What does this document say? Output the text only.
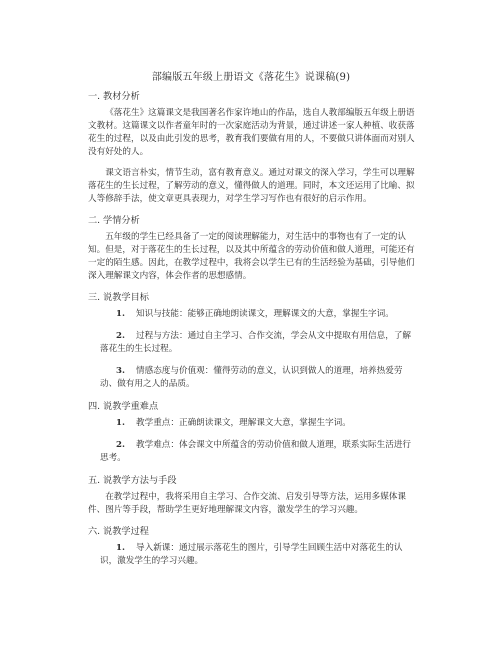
部编版五年级上册语文《落花生》说课稿(9)
一. 教材分析

《落花生》这篇课文是我国著名作家许地山的作品，选自人教部编版五年级上册语文教材。这篇课文以作者童年时的一次家庭活动为背景，通过讲述一家人种植、收获落花生的过程，以及由此引发的思考，教育我们要做有用的人，不要做只讲体面而对别人没有好处的人。

课文语言朴实，情节生动，富有教育意义。通过对课文的深入学习，学生可以理解落花生的生长过程，了解劳动的意义，懂得做人的道理。同时，本文还运用了比喻、拟人等修辞手法，使文章更具表现力，对学生学习写作也有很好的启示作用。

二. 学情分析

五年级的学生已经具备了一定的阅读理解能力，对生活中的事物也有了一定的认知。但是，对于落花生的生长过程，以及其中所蕴含的劳动价值和做人道理，可能还有一定的陌生感。因此，在教学过程中，我将会以学生已有的生活经验为基础，引导他们深入理解课文内容，体会作者的思想感情。

三. 说教学目标
1. 知识与技能：能够正确地朗读课文，理解课文的大意，掌握生字词。
2. 过程与方法：通过自主学习、合作交流，学会从文中提取有用信息，了解落花生的生长过程。
3. 情感态度与价值观：懂得劳动的意义，认识到做人的道理，培养热爱劳动、做有用之人的品质。
四. 说教学重难点
1. 教学重点：正确朗读课文，理解课文大意，掌握生字词。
2. 教学难点：体会课文中所蕴含的劳动价值和做人道理，联系实际生活进行思考。
五. 说教学方法与手段

在教学过程中，我将采用自主学习、合作交流、启发引导等方法，运用多媒体课件、图片等手段，帮助学生更好地理解课文内容，激发学生的学习兴趣。

六. 说教学过程
1. 导入新课：通过展示落花生的图片，引导学生回顾生活中对落花生的认识，激发学生的学习兴趣。
